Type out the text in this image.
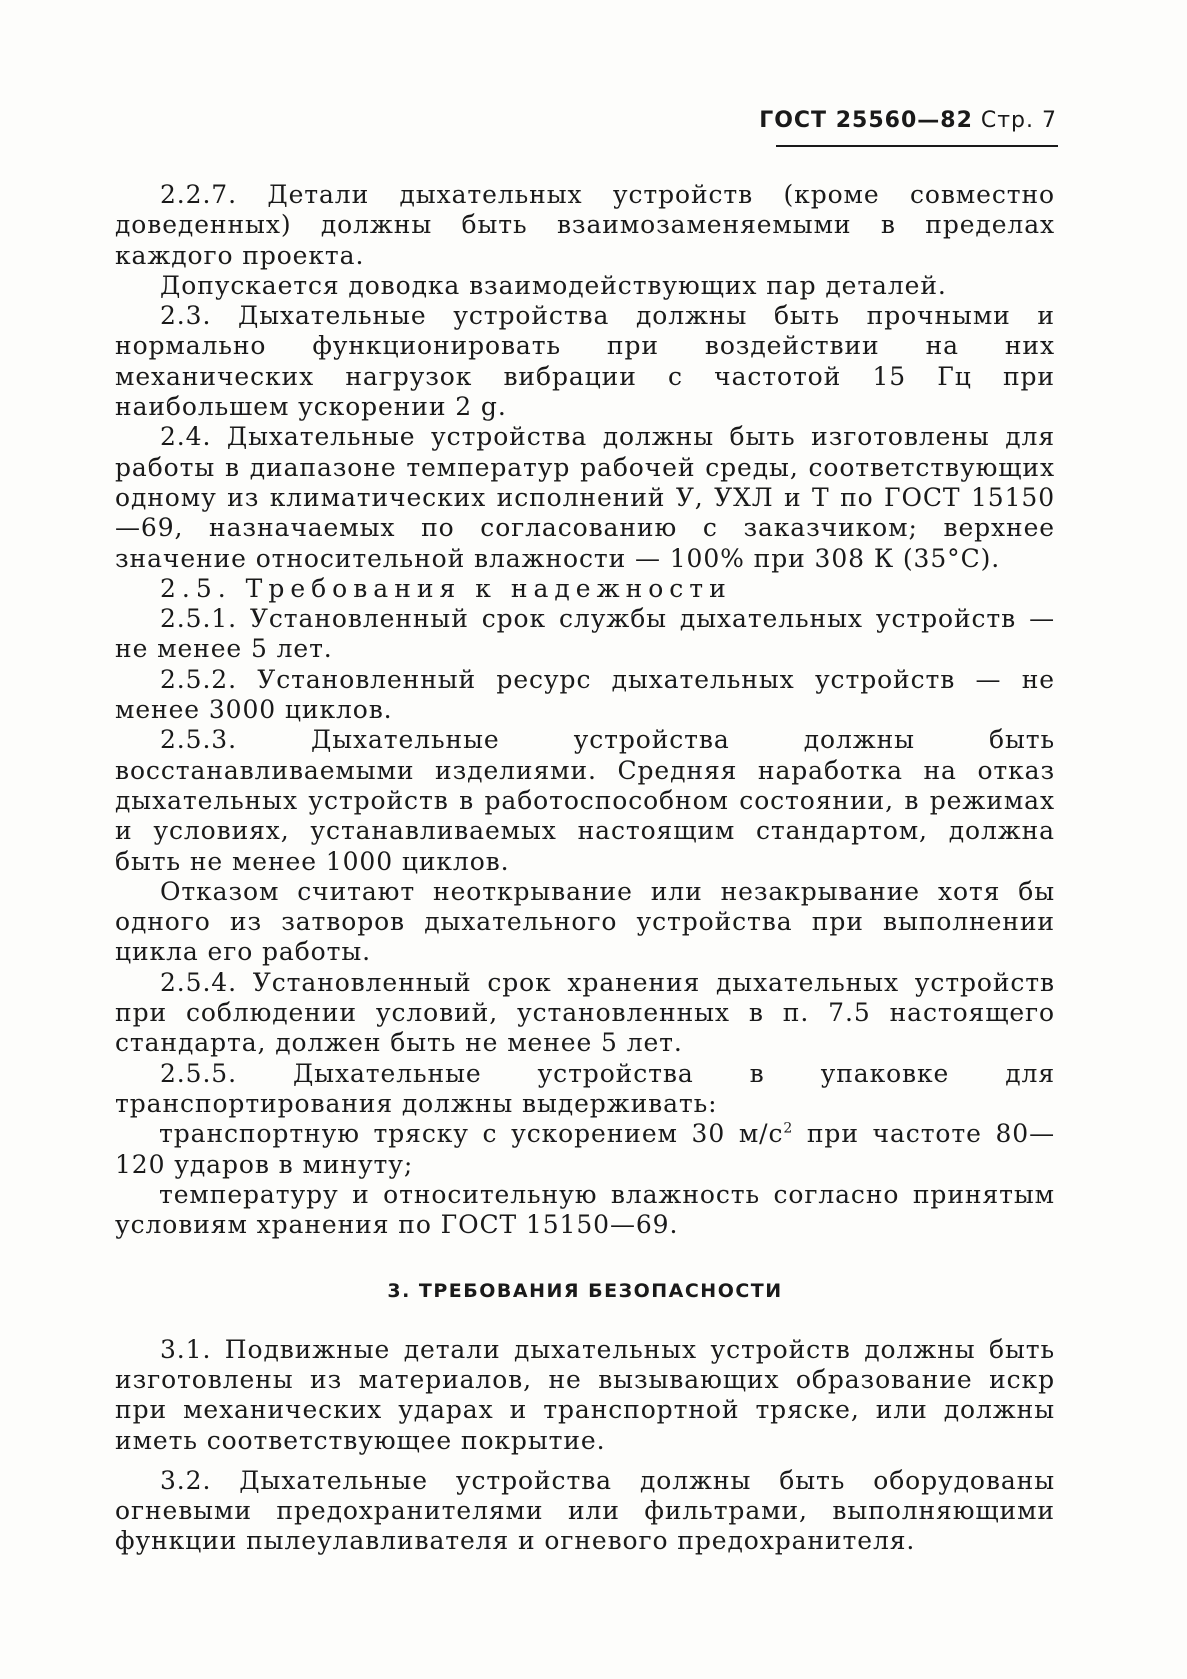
ГОСТ 25560—82 Стр. 7

2.2.7. Детали дыхательных устройств (кроме совместно доведенных) должны быть взаимозаменяемыми в пределах каждого проекта.

Допускается доводка взаимодействующих пар деталей.

2.3. Дыхательные устройства должны быть прочными и нормально функционировать при воздействии на них механических нагрузок вибрации с частотой 15 Гц при наибольшем ускорении 2 g.

2.4. Дыхательные устройства должны быть изготовлены для работы в диапазоне температур рабочей среды, соответствующих одному из климатических исполнений У, УХЛ и Т по ГОСТ 15150—69, назначаемых по согласованию с заказчиком; верхнее значение относительной влажности — 100% при 308 К (35°С).

2.5. Требования к надежности

2.5.1. Установленный срок службы дыхательных устройств — не менее 5 лет.

2.5.2. Установленный ресурс дыхательных устройств — не менее 3000 циклов.

2.5.3. Дыхательные устройства должны быть восстанавливаемыми изделиями. Средняя наработка на отказ дыхательных устройств в работоспособном состоянии, в режимах и условиях, устанавливаемых настоящим стандартом, должна быть не менее 1000 циклов.

Отказом считают неоткрывание или незакрывание хотя бы одного из затворов дыхательного устройства при выполнении цикла его работы.

2.5.4. Установленный срок хранения дыхательных устройств при соблюдении условий, установленных в п. 7.5 настоящего стандарта, должен быть не менее 5 лет.

2.5.5. Дыхательные устройства в упаковке для транспортирования должны выдерживать:

транспортную тряску с ускорением 30 $м/с^2$ при частоте 80—120 ударов в минуту;

температуру и относительную влажность согласно принятым условиям хранения по ГОСТ 15150—69.

3. ТРЕБОВАНИЯ БЕЗОПАСНОСТИ

3.1. Подвижные детали дыхательных устройств должны быть изготовлены из материалов, не вызывающих образование искр при механических ударах и транспортной тряске, или должны иметь соответствующее покрытие.

3.2. Дыхательные устройства должны быть оборудованы огневыми предохранителями или фильтрами, выполняющими функции пылеулавливателя и огневого предохранителя.
